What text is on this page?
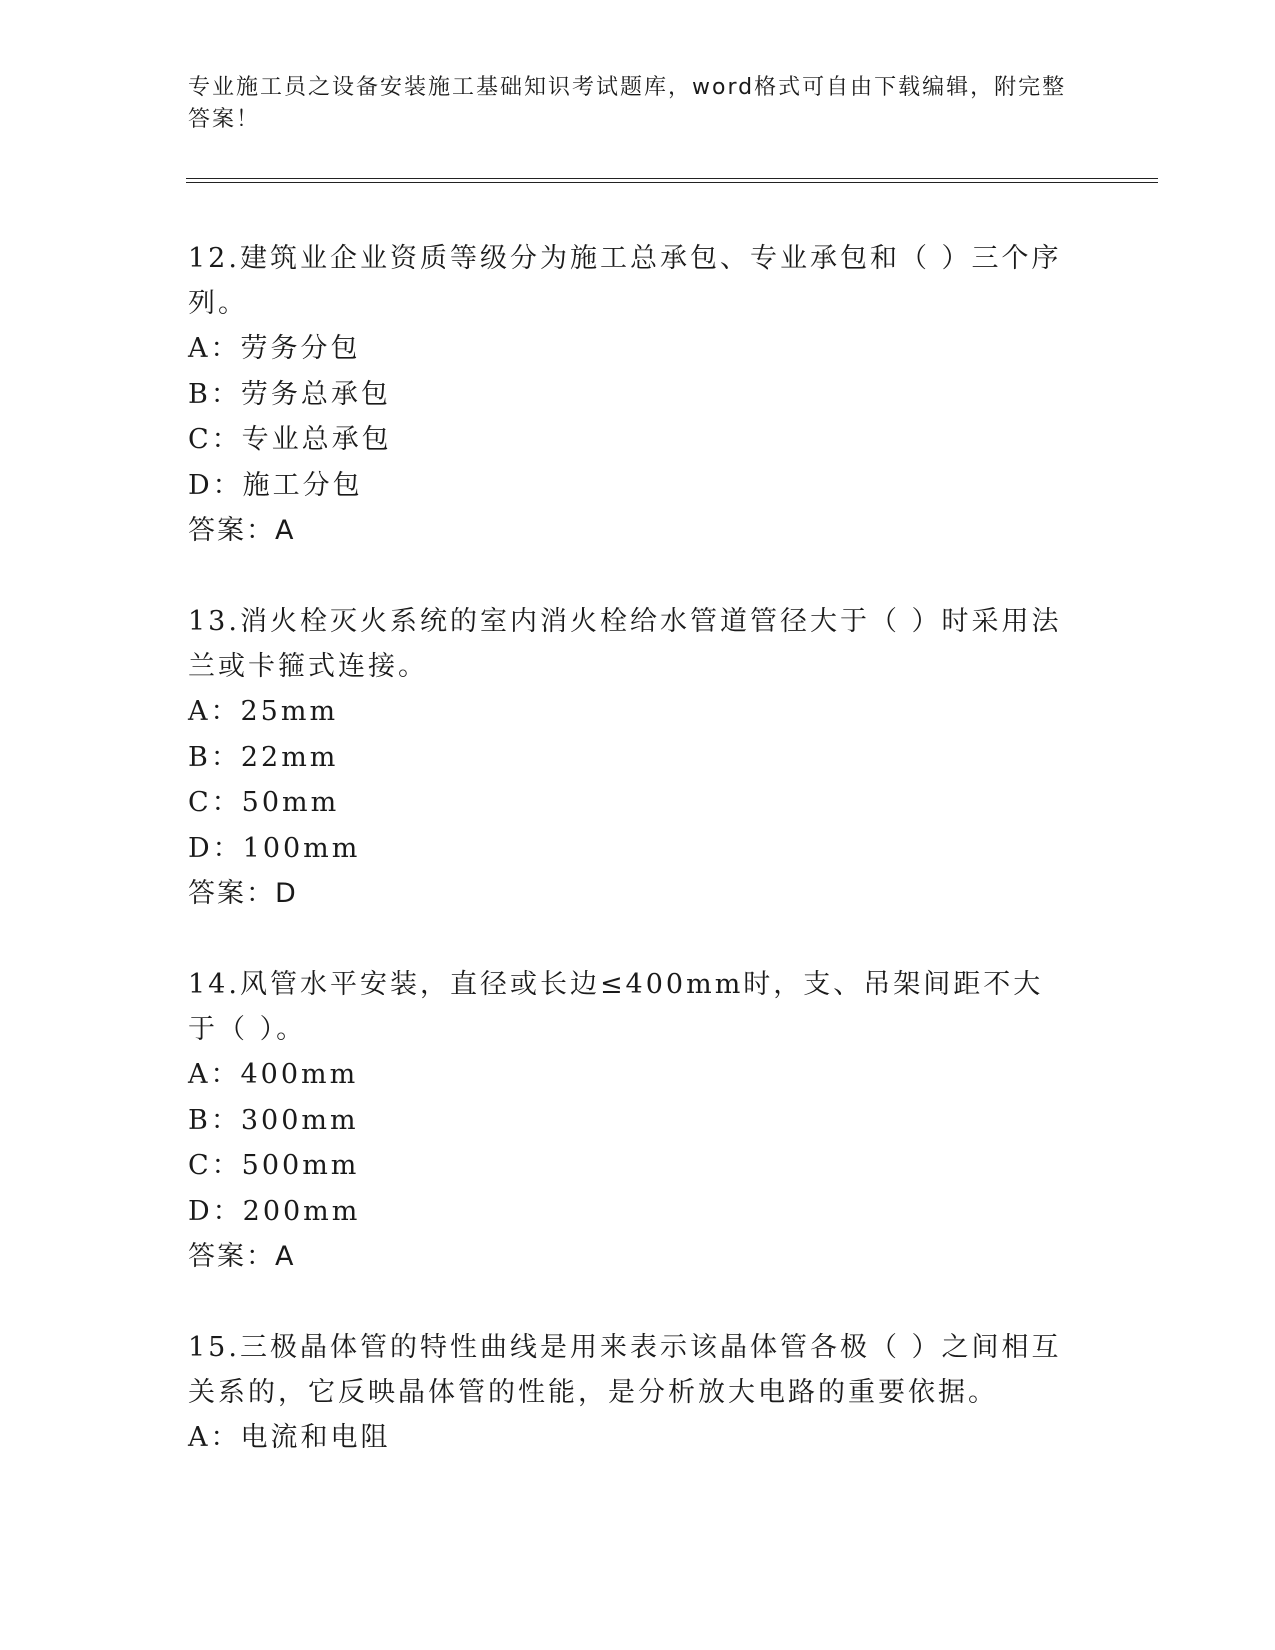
专业施工员之设备安装施工基础知识考试题库，word格式可自由下载编辑，附完整答案！
12.建筑业企业资质等级分为施工总承包、专业承包和（ ）三个序列。
A：劳务分包
B：劳务总承包
C：专业总承包
D：施工分包
答案：A
13.消火栓灭火系统的室内消火栓给水管道管径大于（ ）时采用法兰或卡箍式连接。
A：25mm
B：22mm
C：50mm
D：100mm
答案：D
14.风管水平安装，直径或长边≤400mm时，支、吊架间距不大于（ ）。
A：400mm
B：300mm
C：500mm
D：200mm
答案：A
15.三极晶体管的特性曲线是用来表示该晶体管各极（ ）之间相互关系的，它反映晶体管的性能，是分析放大电路的重要依据。
A：电流和电阻
